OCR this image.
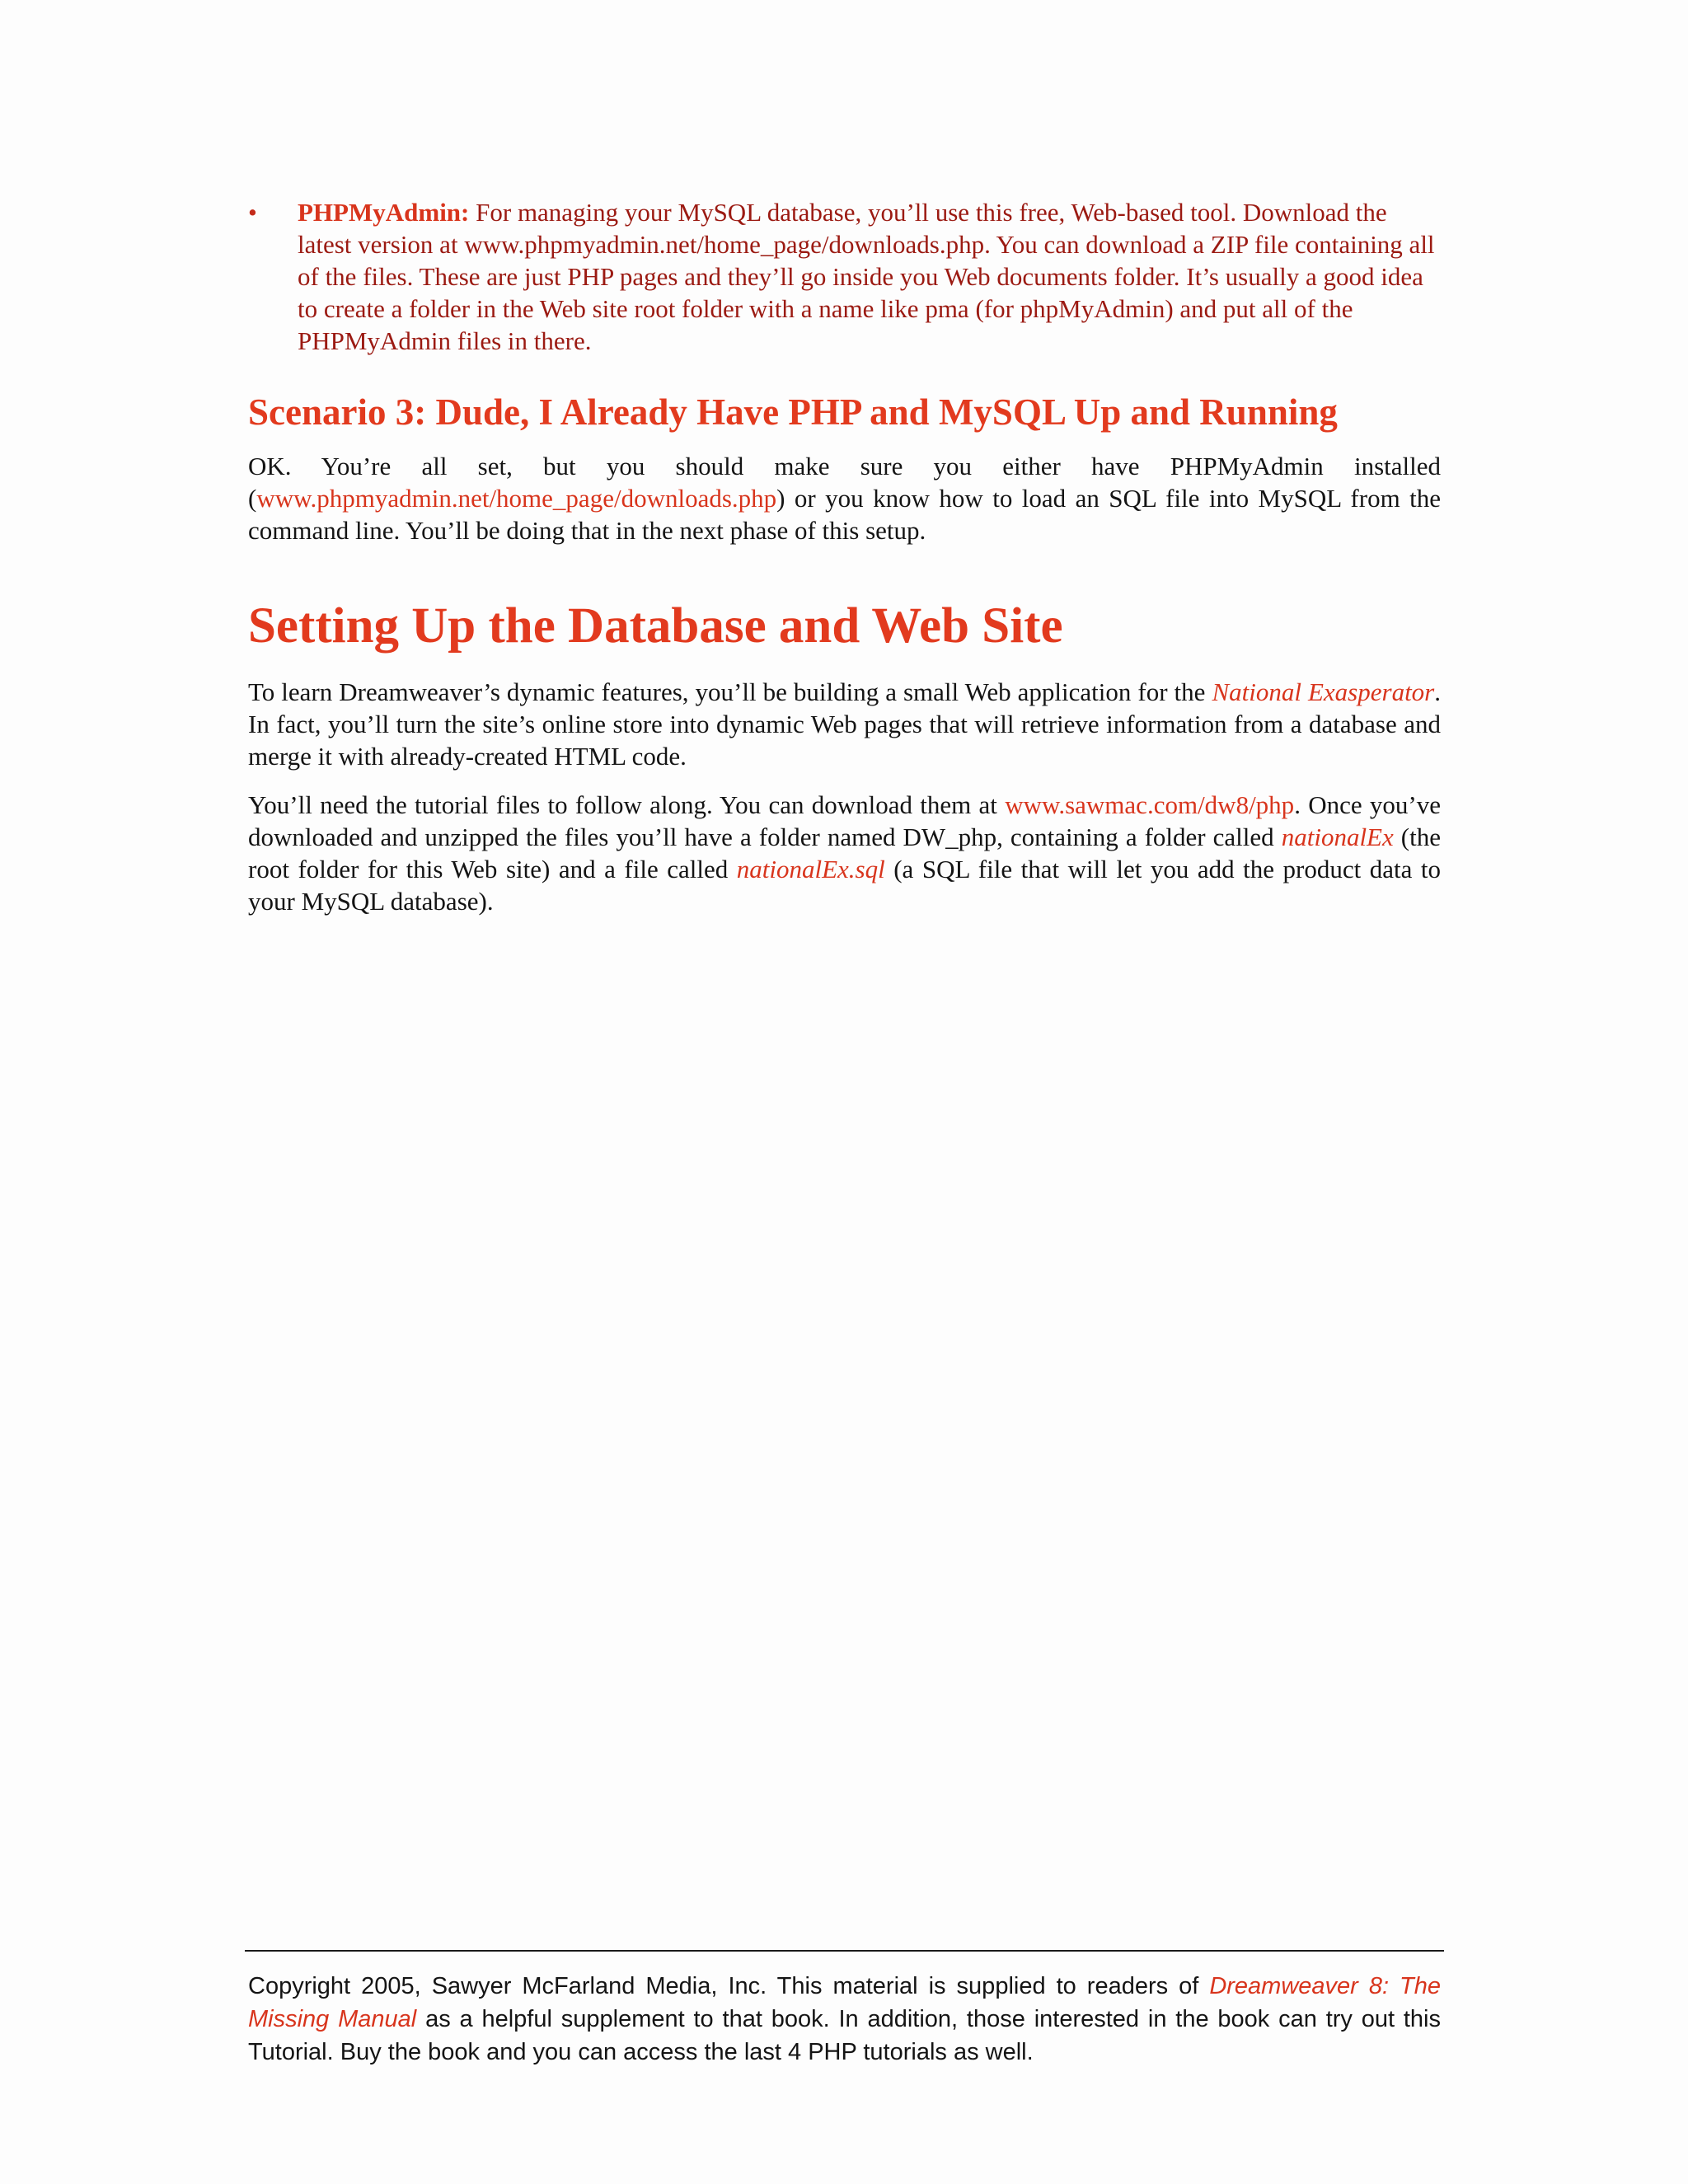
• PHPMyAdmin: For managing your MySQL database, you’ll use this free, Web-based tool. Download the latest version at www.phpmyadmin.net/home_page/downloads.php. You can download a ZIP file containing all of the files. These are just PHP pages and they’ll go inside you Web documents folder. It’s usually a good idea to create a folder in the Web site root folder with a name like pma (for phpMyAdmin) and put all of the PHPMyAdmin files in there.
Scenario 3: Dude, I Already Have PHP and MySQL Up and Running

OK. You’re all set, but you should make sure you either have PHPMyAdmin installed (www.phpmyadmin.net/home_page/downloads.php) or you know how to load an SQL file into MySQL from the command line. You’ll be doing that in the next phase of this setup.

Setting Up the Database and Web Site

To learn Dreamweaver’s dynamic features, you’ll be building a small Web application for the National Exasperator. In fact, you’ll turn the site’s online store into dynamic Web pages that will retrieve information from a database and merge it with already-created HTML code.

You’ll need the tutorial files to follow along. You can download them at www.sawmac.com/dw8/php. Once you’ve downloaded and unzipped the files you’ll have a folder named DW_php, containing a folder called nationalEx (the root folder for this Web site) and a file called nationalEx.sql (a SQL file that will let you add the product data to your MySQL database).

Copyright 2005, Sawyer McFarland Media, Inc. This material is supplied to readers of Dreamweaver 8: The Missing Manual as a helpful supplement to that book. In addition, those interested in the book can try out this Tutorial. Buy the book and you can access the last 4 PHP tutorials as well.
